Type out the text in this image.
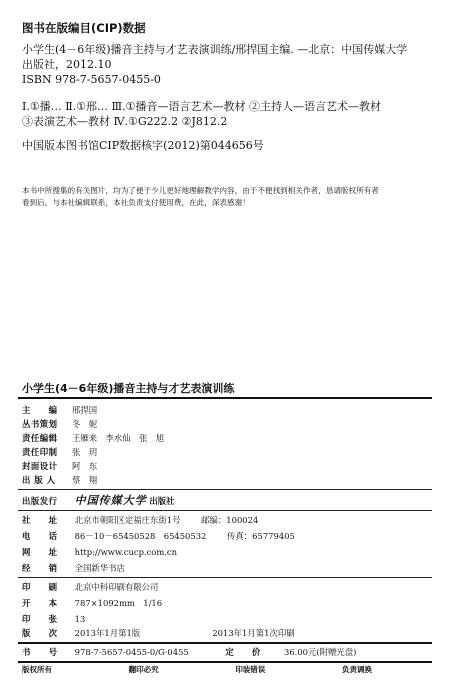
图书在版编目(CIP)数据
小学生(4－6年级)播音主持与才艺表演训练/邢捍国主编. —北京：中国传媒大学
出版社，2012.10
ISBN 978-7-5657-0455-0
Ⅰ.①播… Ⅱ.①邢… Ⅲ.①播音—语言艺术—教材 ②主持人—语言艺术—教材
③表演艺术—教材 Ⅳ.①G222.2 ②J812.2
中国版本图书馆CIP数据核字(2012)第044656号
本书中所搜集的有关图片，均为了便于少儿更好地理解教学内容，由于不便找到相关作者，恳请版权所有者
看到后，与本社编辑联系，本社负责支付使用费，在此，深表感谢！
小学生(4－6年级)播音主持与才艺表演训练
主　　编 邢捍国
丛书策划 冬　妮
责任编辑 王雁来　李水仙　张　旭
责任印制 张　玥
封面设计 阿　东
出 版 人 蔡　翔
出版发行 中国传媒大学 出版社
社　　址 北京市朝阳区定福庄东街1号 邮编：100024
电　　话 86－10－65450528　65450532 传真：65779405
网　　址 http://www.cucp.com.cn
经　　销 全国新华书店
印　　刷 北京中科印刷有限公司
开　　本 787×1092mm　1/16
印　　张 13
版　　次 2013年1月第1版	2013年1月第1次印刷
书　　号 978-7-5657-0455-0/G·0455	定　　价	36.00元(附赠光盘)
版权所有	翻印必究	印装错误	负责调换
